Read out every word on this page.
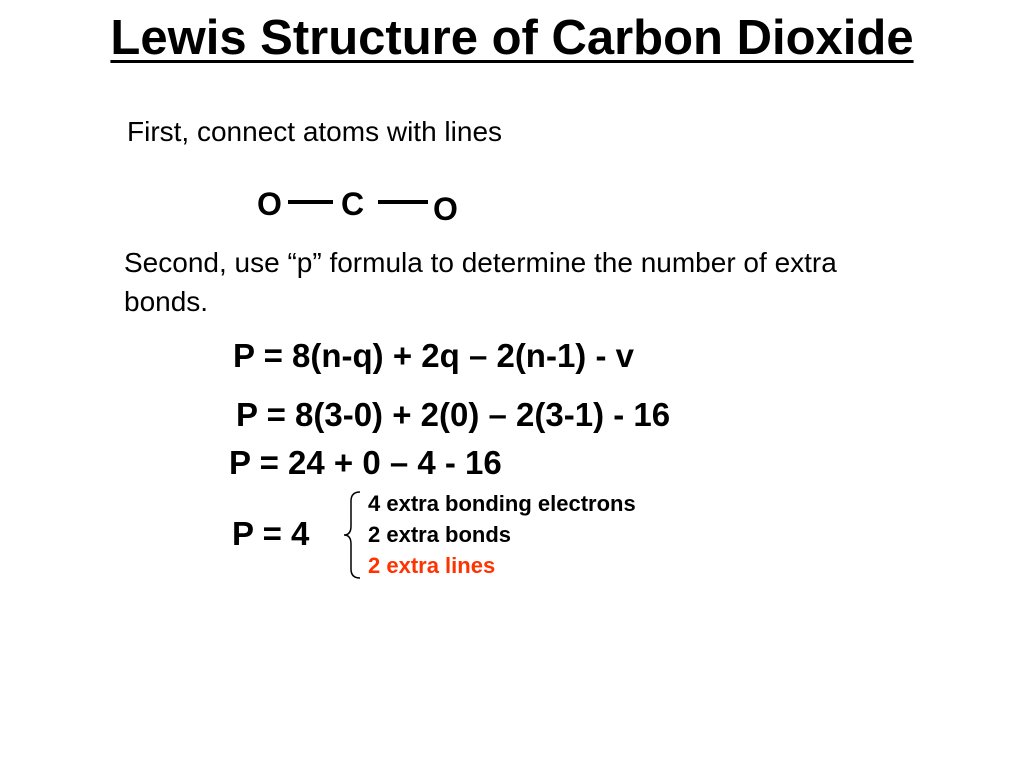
Lewis Structure of Carbon Dioxide
First, connect atoms with lines
O C O
Second, use “p” formula to determine the number of extra bonds.
P = 8(n-q) + 2q – 2(n-1) - v
P = 8(3-0) + 2(0) – 2(3-1) - 16
P = 24 + 0 – 4 - 16
P = 4
4 extra bonding electrons
2 extra bonds
2 extra lines
